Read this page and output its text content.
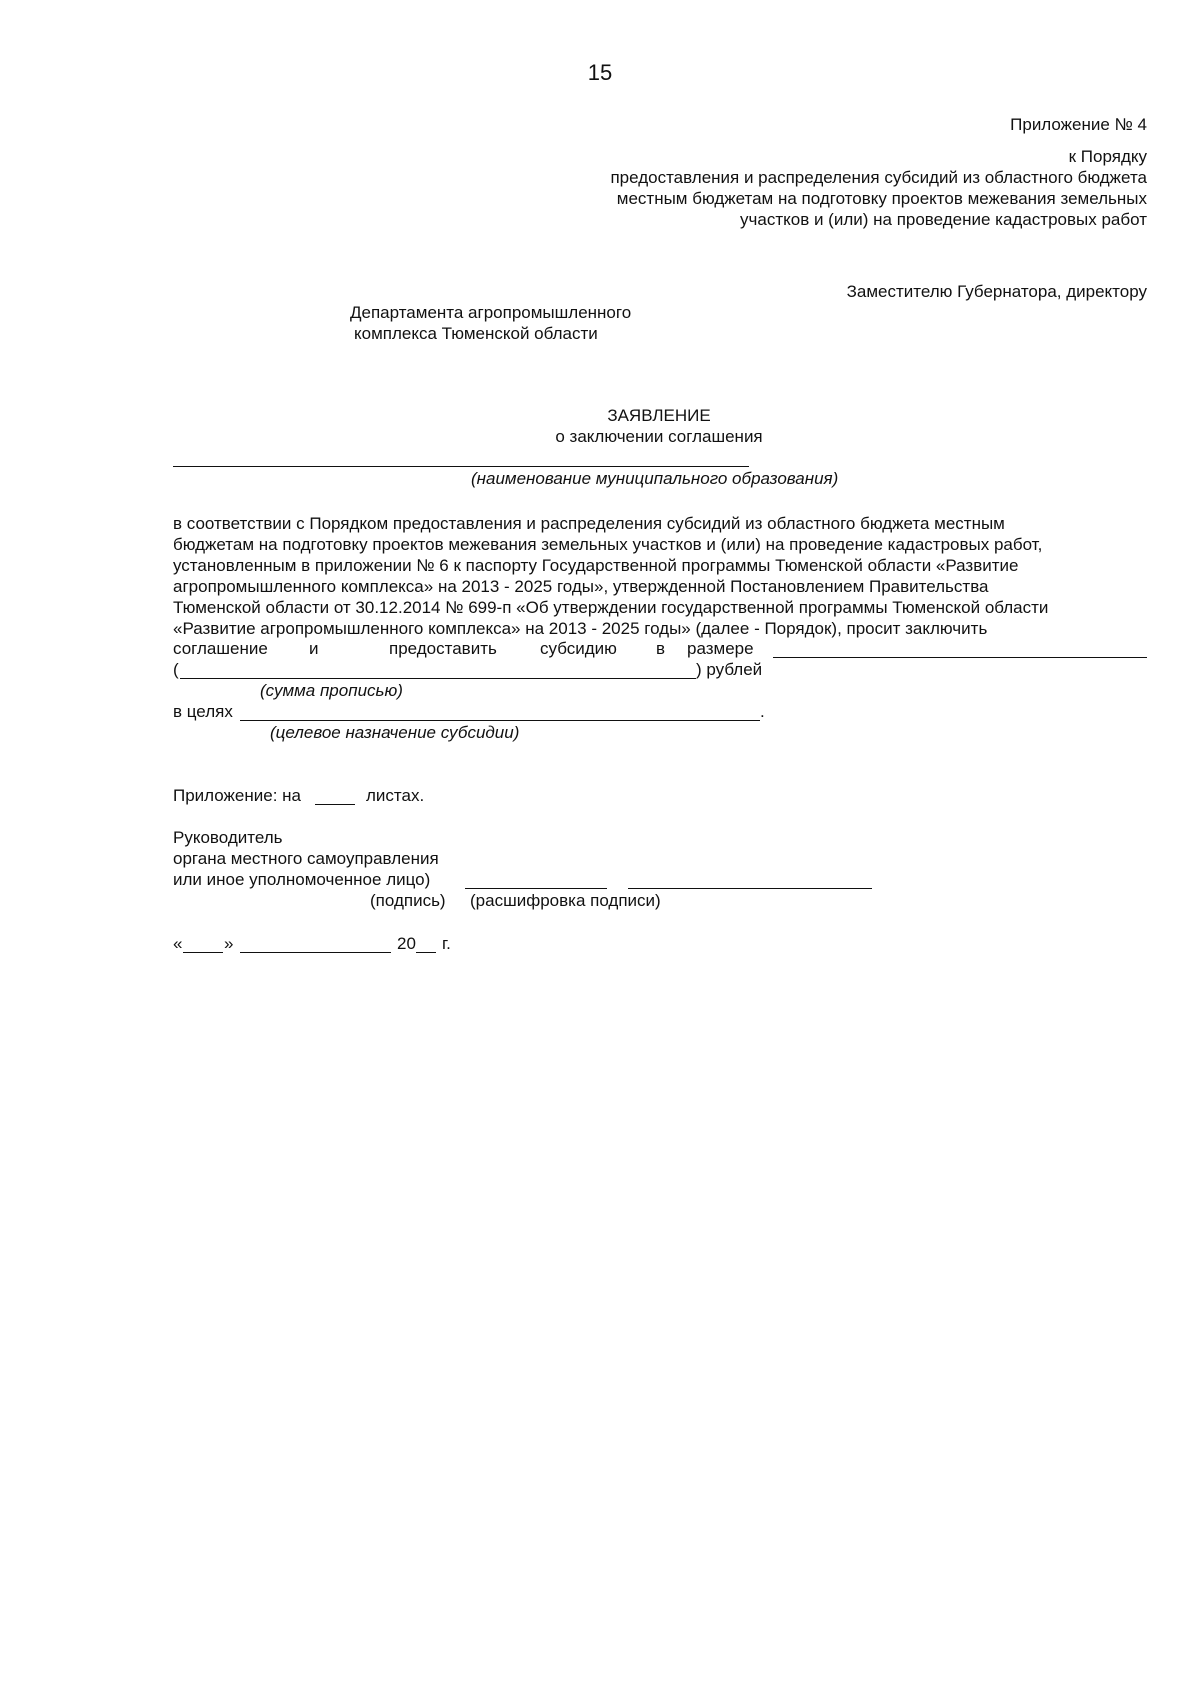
15
Приложение № 4
к Порядку
предоставления и распределения субсидий из областного бюджета
местным бюджетам на подготовку проектов межевания земельных
участков и (или) на проведение кадастровых работ
Заместителю Губернатора, директору
Департамента агропромышленного
комплекса Тюменской области
ЗАЯВЛЕНИЕ
о заключении соглашения
(наименование муниципального образования)
в соответствии с Порядком предоставления и распределения субсидий из областного бюджета местным
бюджетам на подготовку проектов межевания земельных участков и (или) на проведение кадастровых работ,
установленным в приложении № 6 к паспорту Государственной программы Тюменской области «Развитие
агропромышленного комплекса» на 2013 - 2025 годы», утвержденной Постановлением Правительства
Тюменской области от 30.12.2014 № 699-п «Об утверждении государственной программы Тюменской области
«Развитие агропромышленного комплекса» на 2013 - 2025 годы» (далее - Порядок), просит заключить
соглашение и	предоставить	субсидию в размере
(	) рублей
(сумма прописью)
в целях	.
(целевое назначение субсидии)
Приложение: на	листах.
Руководитель
органа местного самоуправления
или иное уполномоченное лицо)
(подпись) (расшифровка подписи)
« »	20 г.
